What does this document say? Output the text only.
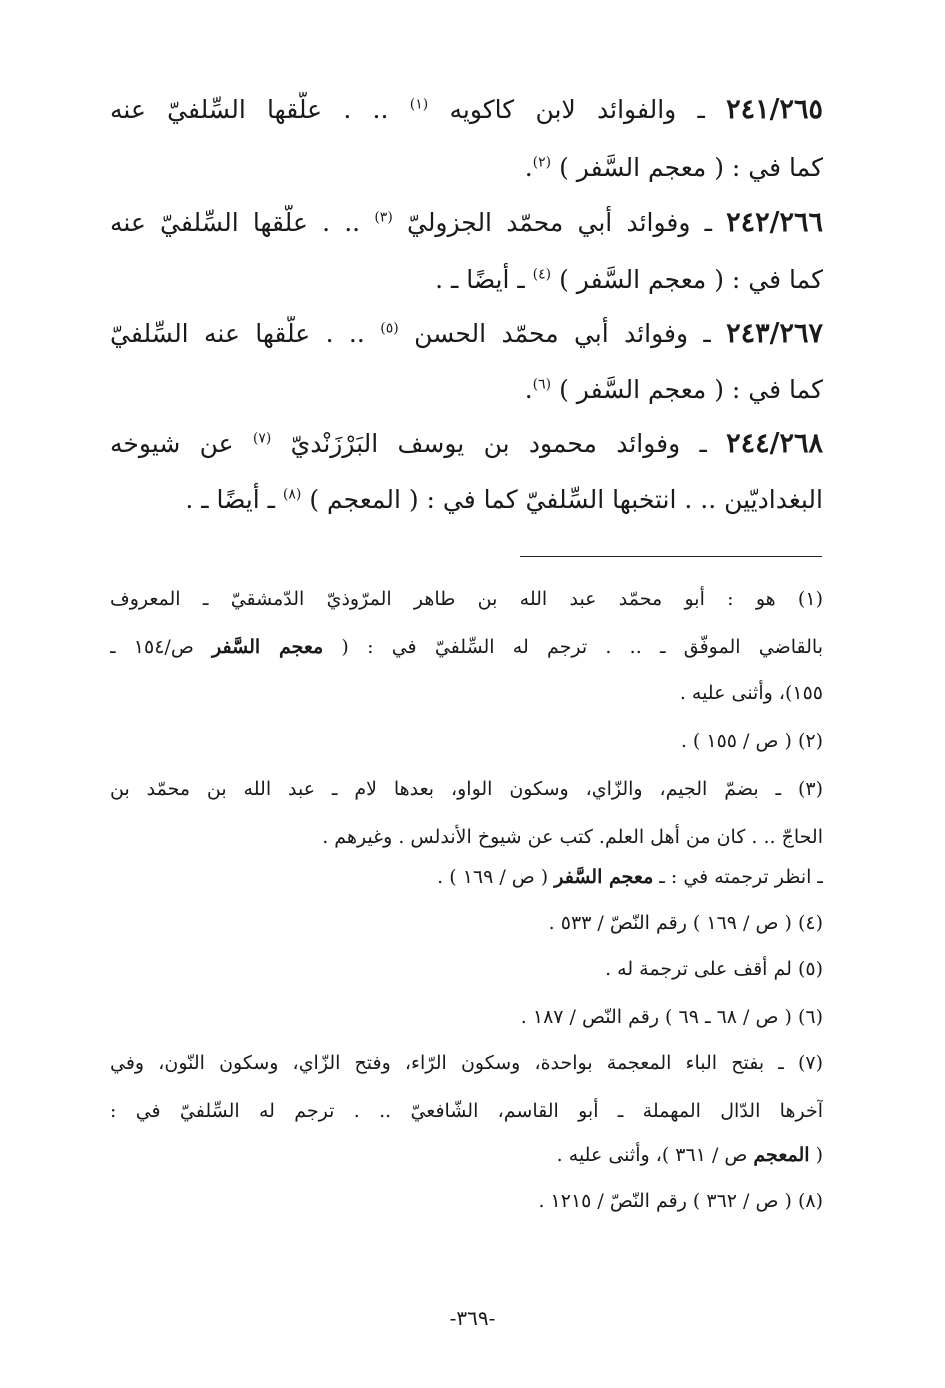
٢٤١/٢٦٥ ـ والفوائد لابن كاكويه $^{(١)}$ .. . علّقها السِّلفيّ عنه
كما في : ( معجم السَّفر ) $^{(٢)}$.
٢٤٢/٢٦٦ ـ وفوائد أبي محمّد الجزوليّ $^{(٣)}$ .. . علّقها السِّلفيّ عنه
كما في : ( معجم السَّفر ) $^{(٤)}$ ـ أيضًا ـ .
٢٤٣/٢٦٧ ـ وفوائد أبي محمّد الحسن $^{(٥)}$ .. . علّقها عنه السِّلفيّ
كما في : ( معجم السَّفر ) $^{(٦)}$.
٢٤٤/٢٦٨ ـ وفوائد محمود بن يوسف البَرْزَنْديّ $^{(٧)}$ عن شيوخه
البغداديّين .. . انتخبها السِّلفيّ كما في : ( المعجم ) $^{(٨)}$ ـ أيضًا ـ .
(١) هو : أبو محمّد عبد الله بن طاهر المرّوذيّ الدّمشقيّ ـ المعروف
بالقاضي الموفّق ـ .. . ترجم له السِّلفيّ في : ( معجم السَّفر ص/١٥٤ ـ
١٥٥)، وأثنى عليه .
(٢) ( ص / ١٥٥ ) .
(٣) ـ بضمّ الجيم، والزّاي، وسكون الواو، بعدها لام ـ عبد الله بن محمّد بن
الحاجّ .. . كان من أهل العلم. كتب عن شيوخ الأندلس . وغيرهم .
ـ انظر ترجمته في : ـ معجم السَّفر ( ص / ١٦٩ ) .
(٤) ( ص / ١٦٩ ) رقم النّصّ / ٥٣٣ .
(٥) لم أقف على ترجمة له .
(٦) ( ص / ٦٨ ـ ٦٩ ) رقم النّص / ١٨٧ .
(٧) ـ بفتح الباء المعجمة بواحدة، وسكون الرّاء، وفتح الزّاي، وسكون النّون، وفي
آخرها الدّال المهملة ـ أبو القاسم، الشّافعيّ .. . ترجم له السِّلفيّ في :
( المعجم ص / ٣٦١ )، وأثنى عليه .
(٨) ( ص / ٣٦٢ ) رقم النّصّ / ١٢١٥ .
-٣٦٩-
